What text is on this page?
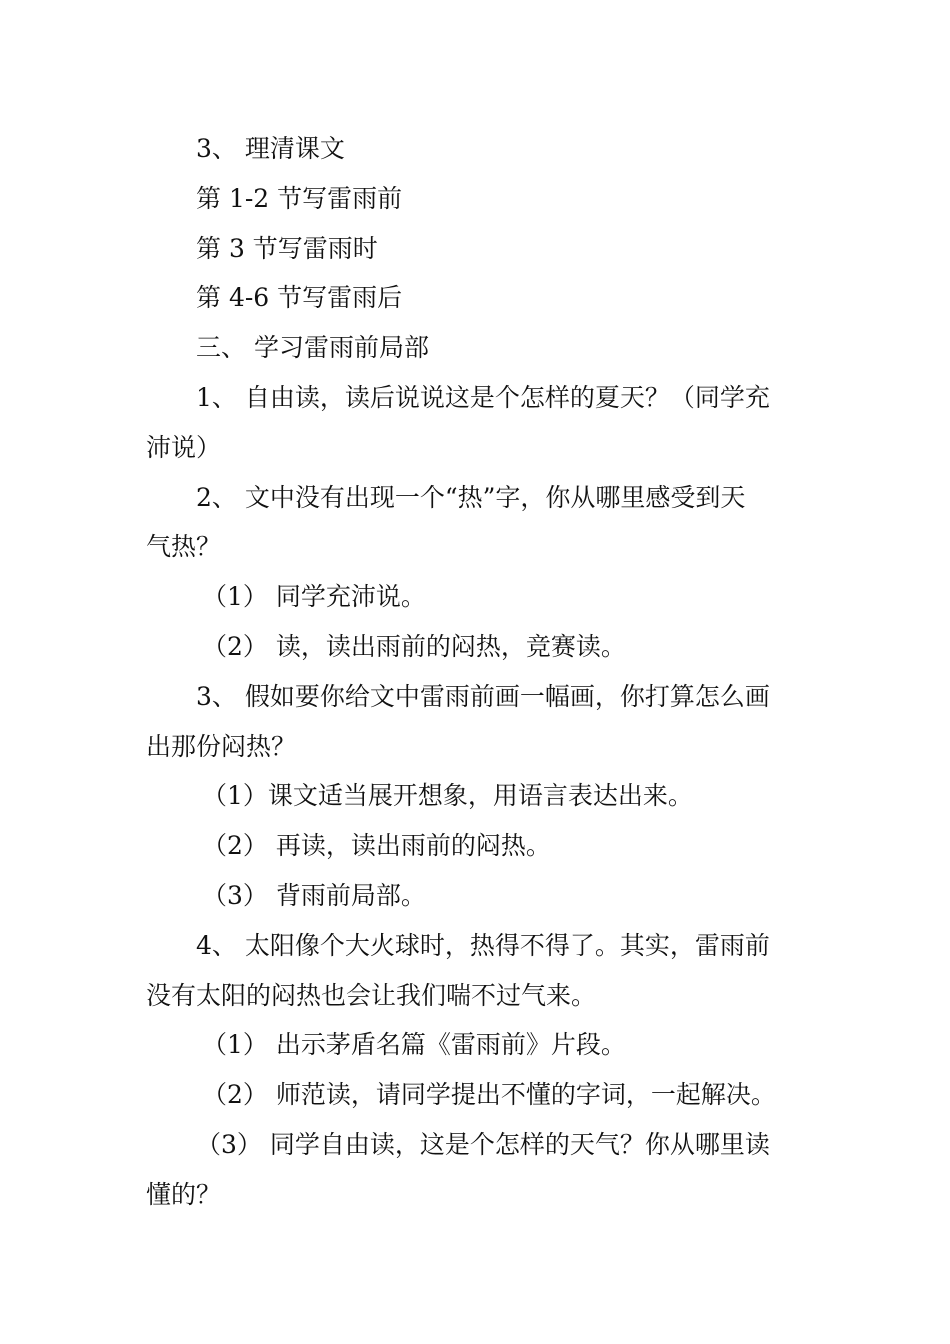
3、 理清课文
第 1-2 节写雷雨前
第 3 节写雷雨时
第 4-6 节写雷雨后
三、 学习雷雨前局部
1、 自由读，读后说说这是个怎样的夏天？（同学充
沛说）
2、 文中没有出现一个“热”字，你从哪里感受到天
气热？
（1） 同学充沛说。
（2） 读，读出雨前的闷热，竞赛读。
3、 假如要你给文中雷雨前画一幅画，你打算怎么画
出那份闷热？
（1）课文适当展开想象，用语言表达出来。
（2） 再读，读出雨前的闷热。
（3） 背雨前局部。
4、 太阳像个大火球时，热得不得了。其实，雷雨前
没有太阳的闷热也会让我们喘不过气来。
（1） 出示茅盾名篇《雷雨前》片段。
（2） 师范读，请同学提出不懂的字词，一起解决。
（3） 同学自由读，这是个怎样的天气？你从哪里读
懂的？
